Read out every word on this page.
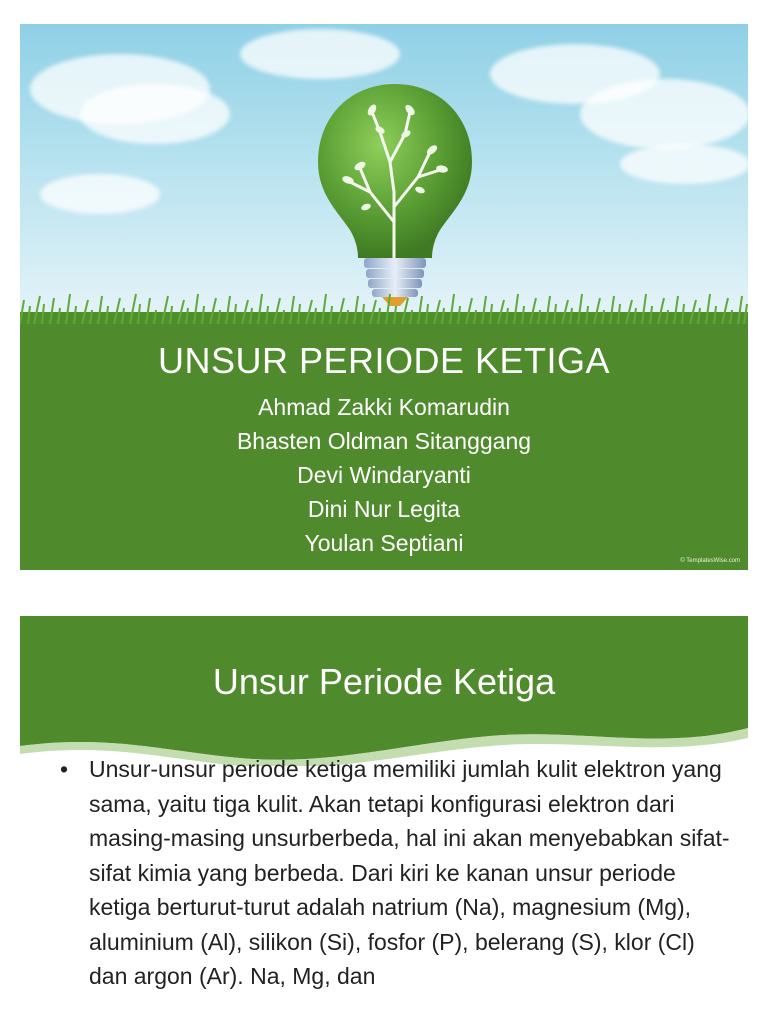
UNSUR PERIODE KETIGA
Ahmad Zakki Komarudin
Bhasten Oldman Sitanggang
Devi Windaryanti
Dini Nur Legita
Youlan Septiani
© TemplatesWise.com
Unsur Periode Ketiga
• Unsur-unsur periode ketiga memiliki jumlah kulit elektron yang sama, yaitu tiga kulit. Akan tetapi konfigurasi elektron dari masing-masing unsurberbeda, hal ini akan menyebabkan sifat-sifat kimia yang berbeda. Dari kiri ke kanan unsur periode ketiga berturut-turut adalah natrium (Na), magnesium (Mg), aluminium (Al), silikon (Si), fosfor (P), belerang (S), klor (Cl) dan argon (Ar). Na, Mg, dan
